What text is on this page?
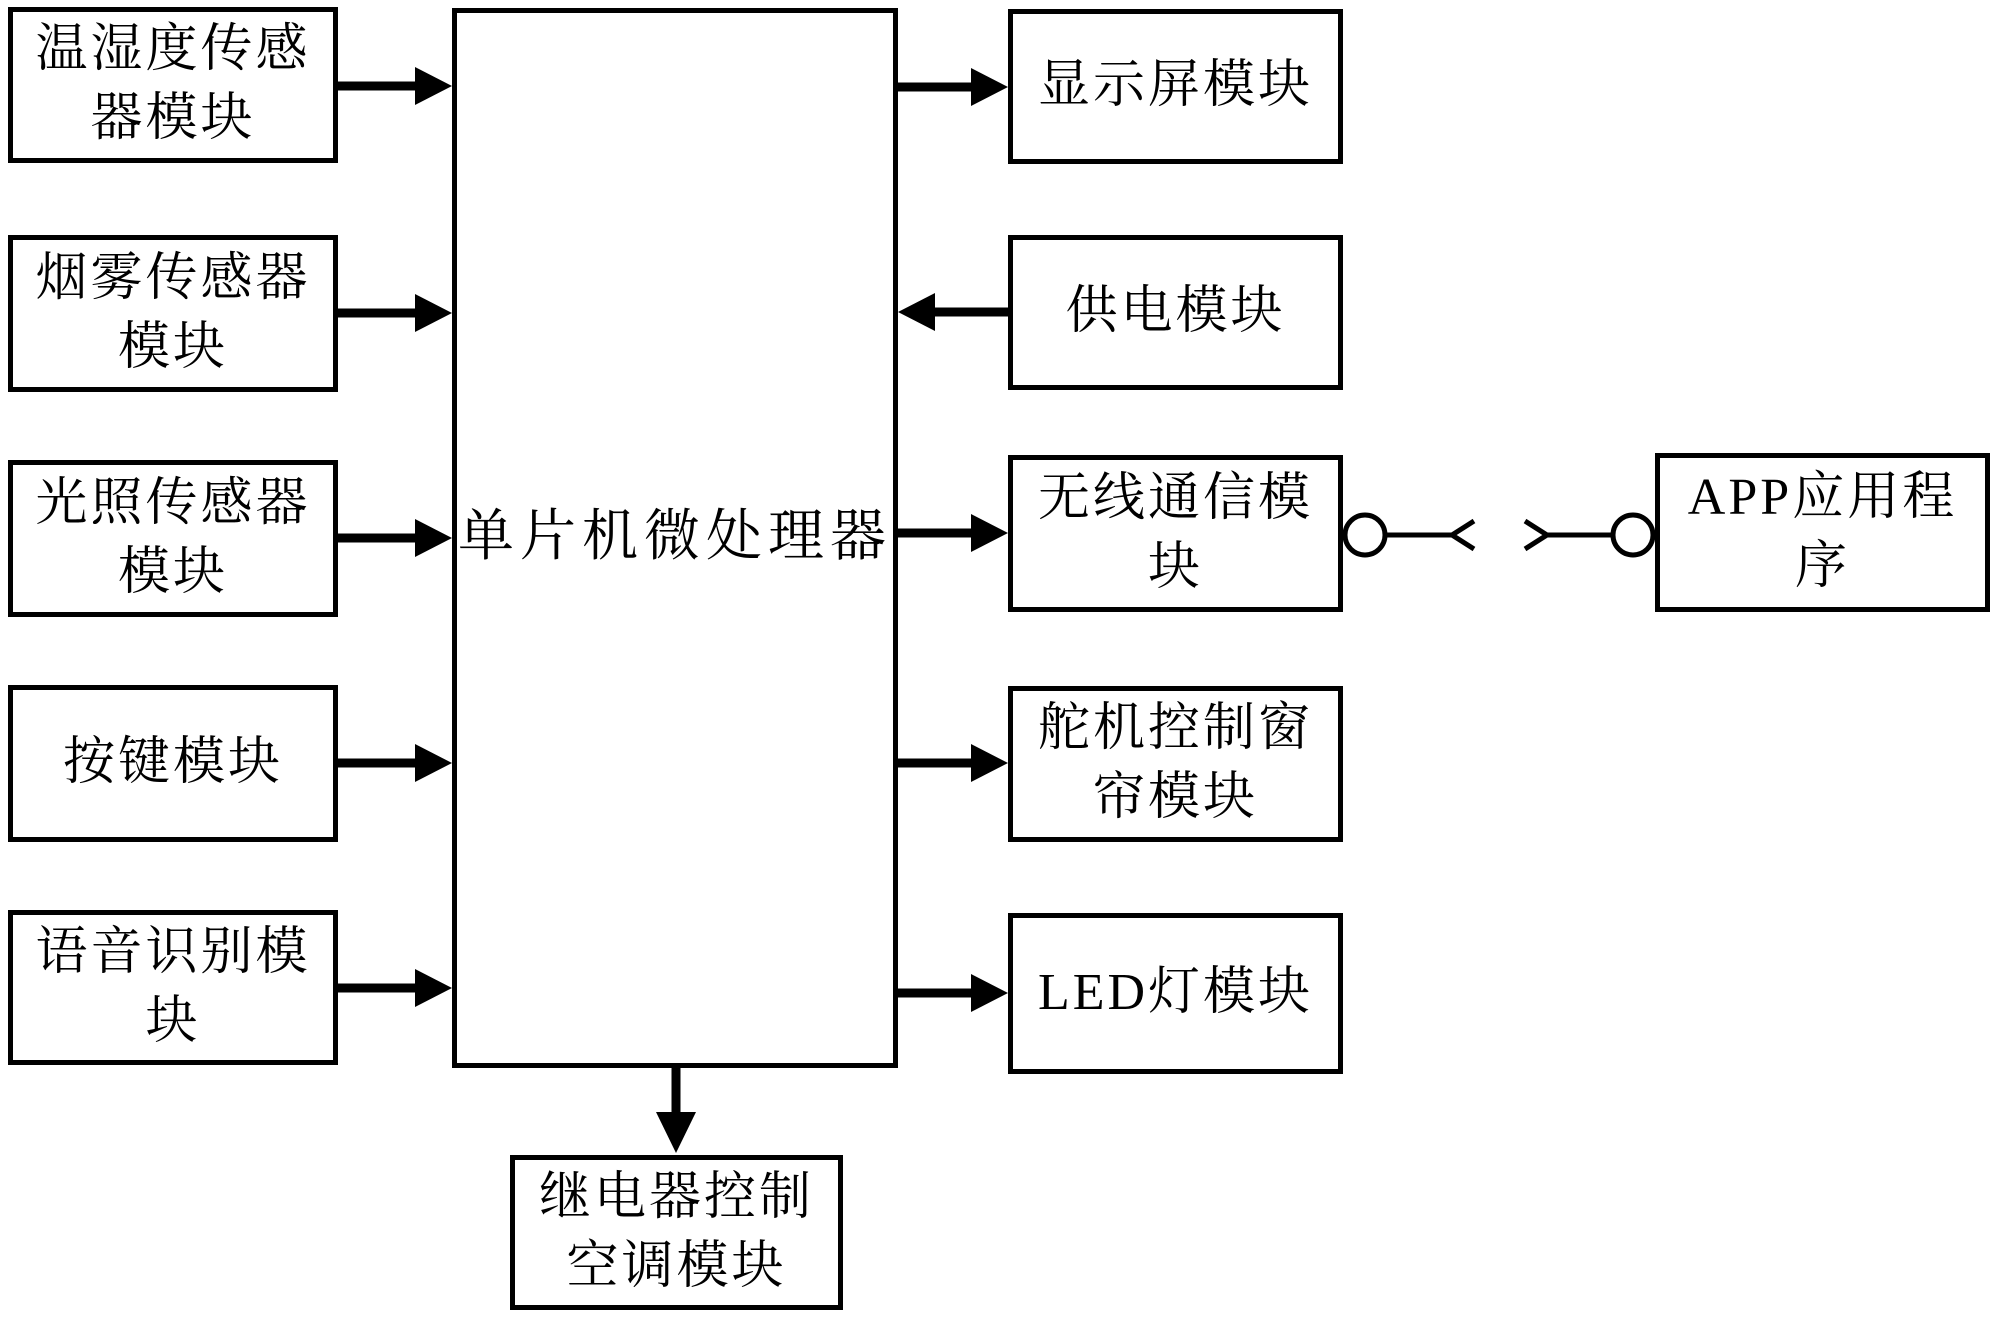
温湿度传感
器模块
烟雾传感器
模块
光照传感器
模块
按键模块
语音识别模
块
单片机微处理器
显示屏模块
供电模块
无线通信模
块
舵机控制窗
帘模块
LED灯模块
APP应用程
序
继电器控制
空调模块
